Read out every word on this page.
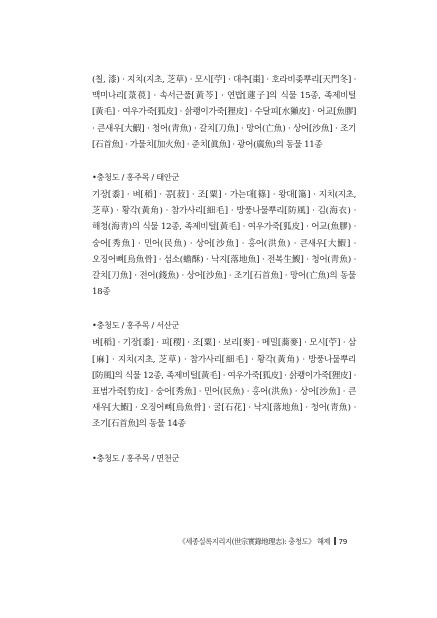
(칠, 漆) · 지치(지초, 芝草) · 모시[苧] · 대추[棗] · 호라비좆뿌리[天門冬] · 맥미나리[菉䓲] · 속서근풀[黃芩] · 연밥[蓮子]의 식물 15종, 족제비털[黃毛] · 여우가죽[狐皮] · 삵쾡이가죽[狸皮] · 수달피[水獺皮] · 어교[魚膠] · 큰새우[大鰕] · 청어(靑魚) · 갈치[刀魚] · 망어(亡魚) · 상어[沙魚] · 조기[石首魚] · 가물치[加火魚] · 준치[眞魚] · 광어(廣魚)의 동물 11종

•충청도 / 홍주목 / 태안군

기장[黍] · 벼[稻] · 콩[菽] · 조[粟] · 가는대[篠] · 왕대[簜] · 지치(지초, 芝草) · 황각(黃角) · 참가사리[細毛] · 방풍나물뿌리[防風] · 김(海衣) · 해청(海靑)의 식물 12종, 족제비털[黃毛] · 여우가죽[狐皮] · 어교(魚膠) · 숭어[秀魚] · 민어(民魚) · 상어[沙魚] · 홍어(洪魚) · 큰새우[大鰕] · 오징어뼈[烏魚骨] · 섬소(蟾酥) · 낙지[落地魚] · 전복生鰒] · 청어(靑魚) · 갈치[刀魚] · 전어(錢魚) · 상어[沙魚] · 조기[石首魚] · 망어(亡魚)의 동물 18종

•충청도 / 홍주목 / 서산군

벼[稻] · 기장[黍] · 피[稷] · 조[粟] · 보리[麥] · 메밀[蕎麥] · 모시[苧] · 삼[麻] · 지치(지초, 芝草) · 참가사리[細毛] · 황각(黃角) · 방풍나물뿌리[防風]의 식물 12종, 족제비털[黃毛] · 여우가죽[狐皮] · 삵쾡이가죽[狸皮] · 표범가죽[豹皮] · 숭어[秀魚] · 민어(民魚) · 홍어(洪魚) · 상어[沙魚] · 큰 새우[大鰕] · 오징어뼈[烏魚骨] · 굴[石花] · 낙지[落地魚] · 청어(靑魚) · 조기[石首魚]의 동물 14종

•충청도 / 홍주목 / 면천군
《세종실록지리지(世宗實錄地理志): 충청도》 해제 79
